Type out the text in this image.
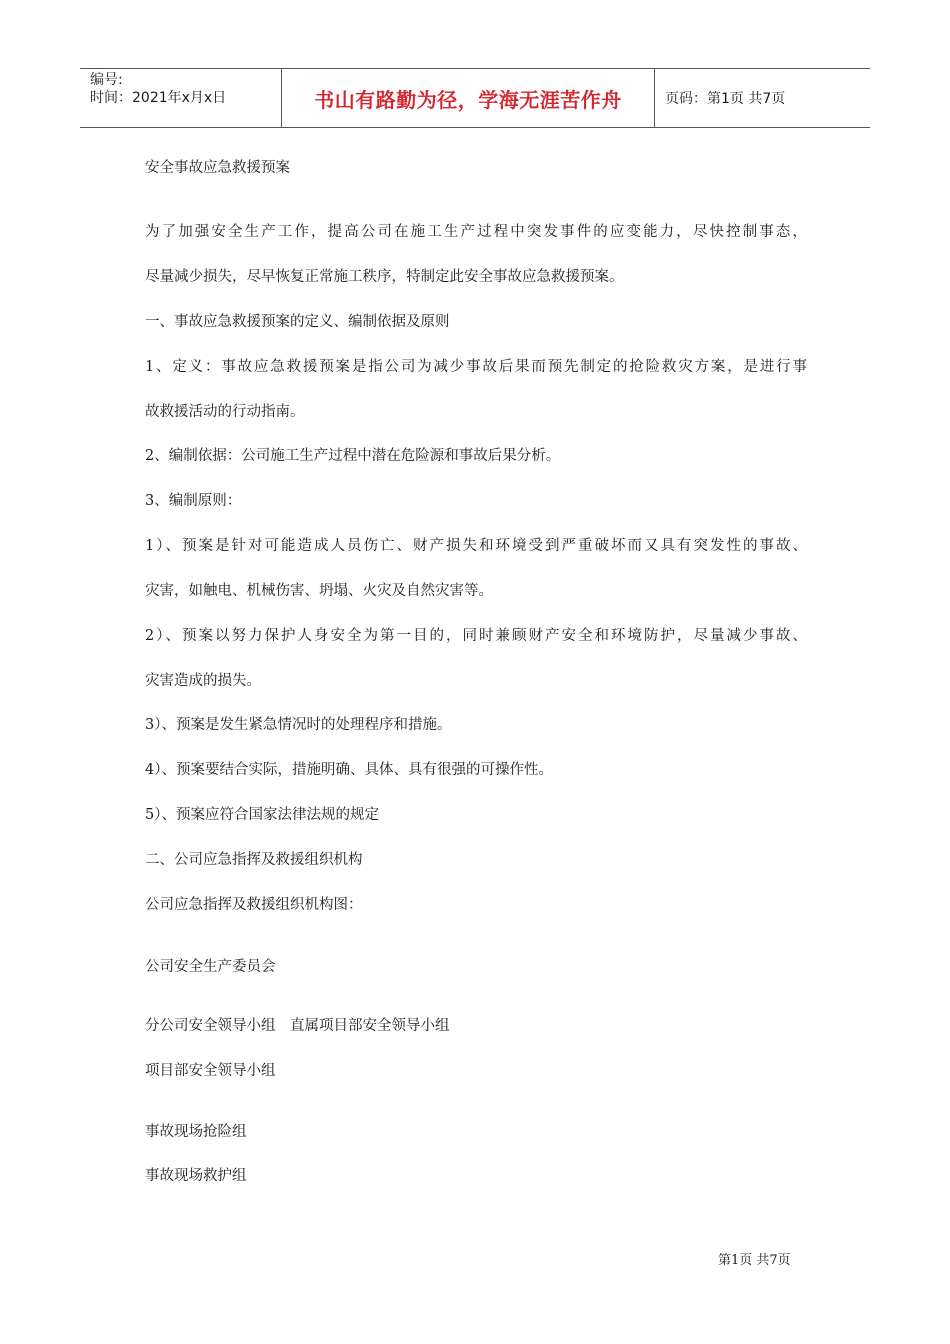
编号:
时间：2021年x月x日	书山有路勤为径，学海无涯苦作舟	页码：第1页 共7页
安全事故应急救援预案
为了加强安全生产工作，提高公司在施工生产过程中突发事件的应变能力，尽快控制事态，
尽量减少损失，尽早恢复正常施工秩序，特制定此安全事故应急救援预案。
一、事故应急救援预案的定义、编制依据及原则
1、定义：事故应急救援预案是指公司为减少事故后果而预先制定的抢险救灾方案，是进行事
故救援活动的行动指南。
2、编制依据：公司施工生产过程中潜在危险源和事故后果分析。
3、编制原则：
1）、预案是针对可能造成人员伤亡、财产损失和环境受到严重破坏而又具有突发性的事故、
灾害，如触电、机械伤害、坍塌、火灾及自然灾害等。
2）、预案以努力保护人身安全为第一目的，同时兼顾财产安全和环境防护，尽量减少事故、
灾害造成的损失。
3）、预案是发生紧急情况时的处理程序和措施。
4）、预案要结合实际，措施明确、具体、具有很强的可操作性。
5）、预案应符合国家法律法规的规定
二、公司应急指挥及救援组织机构
公司应急指挥及救援组织机构图：
公司安全生产委员会
分公司安全领导小组　直属项目部安全领导小组
项目部安全领导小组
事故现场抢险组
事故现场救护组
第1页 共7页
